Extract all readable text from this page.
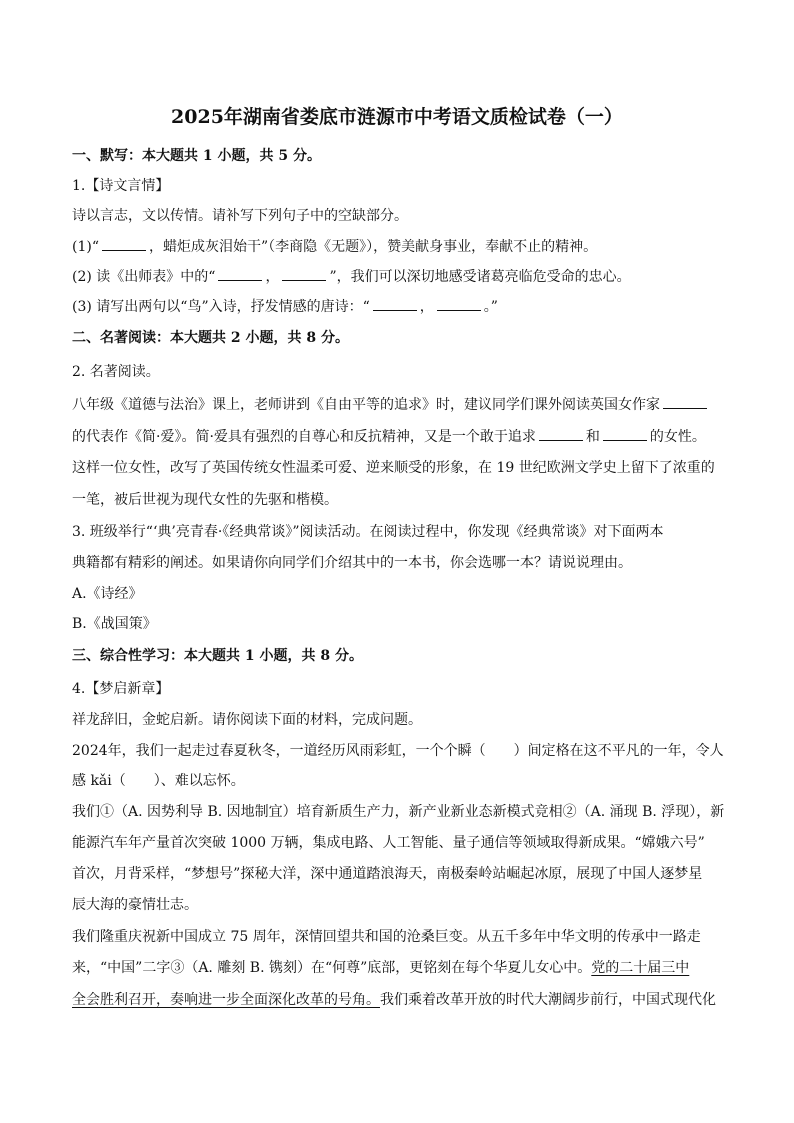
2025年湖南省娄底市涟源市中考语文质检试卷（一）
一、默写：本大题共 1 小题，共 5 分。
1.【诗文言情】
诗以言志，文以传情。请补写下列句子中的空缺部分。
(1)“	，蜡炬成灰泪始干”（李商隐《无题》），赞美献身事业，奉献不止的精神。
(2) 读《出师表》中的“	，	”，我们可以深切地感受诸葛亮临危受命的忠心。
(3) 请写出两句以“鸟”入诗，抒发情感的唐诗：“	，	。”
二、名著阅读：本大题共 2 小题，共 8 分。
2. 名著阅读。
八年级《道德与法治》课上，老师讲到《自由平等的追求》时，建议同学们课外阅读英国女作家
的代表作《简·爱》。简·爱具有强烈的自尊心和反抗精神，又是一个敢于追求	和	的女性。
这样一位女性，改写了英国传统女性温柔可爱、逆来顺受的形象，在 19 世纪欧洲文学史上留下了浓重的
一笔，被后世视为现代女性的先驱和楷模。
3. 班级举行“‘典’亮青春·《经典常谈》”阅读活动。在阅读过程中，你发现《经典常谈》对下面两本
典籍都有精彩的阐述。如果请你向同学们介绍其中的一本书，你会选哪一本？请说说理由。
A.《诗经》
B.《战国策》
三、综合性学习：本大题共 1 小题，共 8 分。
4.【梦启新章】
祥龙辞旧，金蛇启新。请你阅读下面的材料，完成问题。
2024年，我们一起走过春夏秋冬，一道经历风雨彩虹，一个个瞬（　　）间定格在这不平凡的一年，令人
感 kǎi（　　）、难以忘怀。
我们①（A. 因势利导 B. 因地制宜）培育新质生产力，新产业新业态新模式竞相②（A. 涌现 B. 浮现），新
能源汽车年产量首次突破 1000 万辆，集成电路、人工智能、量子通信等领域取得新成果。“嫦娥六号”
首次，月背采样，“梦想号”探秘大洋，深中通道踏浪海天，南极秦岭站崛起冰原，展现了中国人逐梦星
辰大海的豪情壮志。
我们隆重庆祝新中国成立 75 周年，深情回望共和国的沧桑巨变。从五千多年中华文明的传承中一路走
来，“中国”二字③（A. 雕刻 B. 镌刻）在“何尊”底部，更铭刻在每个华夏儿女心中。党的二十届三中
全会胜利召开，奏响进一步全面深化改革的号角。我们乘着改革开放的时代大潮阔步前行，中国式现代化
